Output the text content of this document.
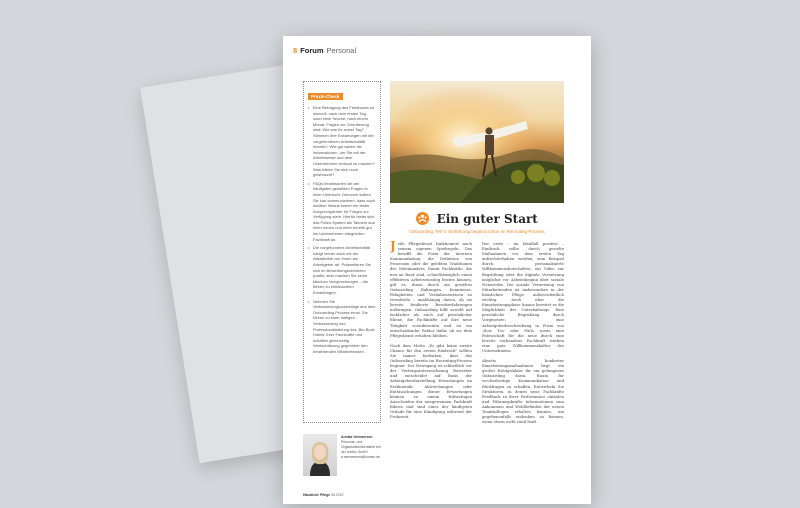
8 Forum Personal
Praxis-Check
• Eine Befragung des Feedbacks ist sinnvoll: nach dem ersten Tag, nach einer Woche, nach einem Monat. Fragen zur Orientierung sind: Wie war Ihr erster Tag? Stimmen Ihre Erwartungen mit der vorgefundenen Arbeitsrealität überein? Wie gut waren die Informationen, um Sie mit der Arbeitsweise und dem Unternehmen vertraut zu machen? Was hätten Sie sich noch gewünscht?
• FAQs beantworten die am häufigsten gestellten Fragen in einer Übersicht. Dennoch sollten Sie klar kommunizieren, dass auch darüber hinaus immer ein fester Ansprechpartner für Fragen zur Verfügung steht. Hierfür bietet sich das Paten-System als Tandem aus einer neuen und einer bereits gut ins Unternehmen integrierten Fachkraft an.
• Die vorgefundene Arbeitsrealität hängt immer auch mit der Attraktivität von Ihnen als Arbeitgeber ab. Präsentieren Sie sich im Bewerbungsverfahren positiv, aber machen Sie keine falschen Versprechungen – die führen zu enttäuschten Erwartungen.
• Nehmen Sie Verbesserungsvorschläge aus dem Onboarding-Prozess ernst. Sie führen zu einer stetigen Verbesserung und Professionalisierung des ‚Bin-Bord-Hotels' Ihrer Fachkräfte und schaffen gleichzeitig Wertschätzung gegenüber den bestehenden Mitarbeitenden.
Ein guter Start
Onboarding, Teil II: Einführung beginnt schon im Recruiting-Prozess

Jede Pflegedienst funktioniert nach seinem eigenen Spielregeln. Das betrifft die Form der internen Kommunikation, die Definition von Prozessen oder die gelebten Traditionen des Miteinanders. Damit Fachkräfte, die neu an Bord sind, schnellstmöglich einen effektiven Arbeitseinstieg leisten können, gilt es, ihnen durch ein gezieltes Onboarding Haltungen, Kenntnisse, Fähigkeiten und Verhaltensweisen zu vermitteln – unabhängig davon, ob sie bereits fundierte Berufserfahrungen mitbringen. Onboarding hilft sowohl auf fachlicher als auch auf persönlicher Ebene, die Fachkräfte auf ihre neue Tätigkeit vorzubereiten und ist ein entscheidender Faktor dafür, ob sie dem Pflegedienst erhalten bleiben.

Nach dem Motto „Es gibt keine zweite Chance für den ersten Eindruck" sollten Sie immer bedenken, dass das Onboarding bereits im Recruiting-Prozess beginnt. Der Newsgang ist schließlich vor der Vertragsunterzeichnung Bewerber und entscheidet auf Basis der Arbeitgeberdarstellung Erwartungen im Erstkontakt. Abweichungen oder Enttäuschungen dieser Erwartungen können zu einem frühzeitigen Ausscheiden der neugewonnen Fachkraft führen und sind einer der häufigsten Gründe für eine Kündigung während der Probezeit.

Der erste – im Idealfall positive – Eindruck sollte durch gezielte Maßnahmen vor dem ersten Tag aufrechterhalten werden, zum Beispiel durch personalisierte Willkommensbotschaften, ein Video zur Begrüßung oder die digitale Vernetzung möglichst vor Arbeitsbeginn über soziale Netzwerke. Die soziale Vernetzung von Mitarbeitenden ist insbesondere in der häuslichen Pflege außerordentlich wichtig. Auch über die Einarbeitungsphase hinaus bereitet es die Möglichkeit des Unterhaltungs. Eine persönliche Begrüßung durch Vorgesetzte, eine Arbeitgeberbeschreibung in Form von ‚How Tos' oder FAQs sowie eine Patenschaft für die neue durch eine bereits vorhandene Fachkraft stärken eine gute Willkommenskultur des Unternehmens.

Abseits konkreter Einarbeitungsmaßnahmen liegt ein großer Erfolgsfaktor für ein gelungenes Onboarding darin, Raum für wechselseitige Kommunikation und Rückfragen zu schaffen. Entwickeln Sie Strukturen, in denen neue Fachkräfte Feedback zu ihrer Performance einholen und Führungskräfte Informationen zum Ankommen und Wohlbefinden der neuen Teamkollegen erhalten können, um gegebenenfalls einlenken zu können, wenn etwas nicht rund läuft.

Annika Vermeersen
Personal- und Organisationsberaterin bei der contec GmbH
a.vermeersen@contec.de
Häusliche Pflege 08.2019
